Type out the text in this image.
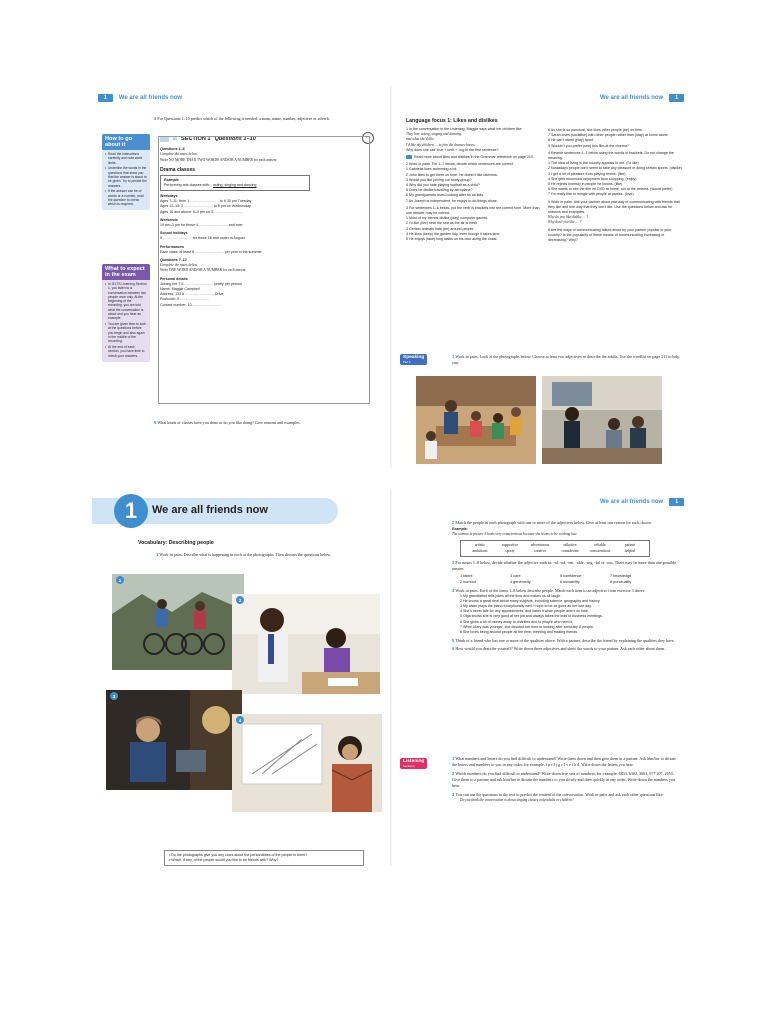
1	We are all friends now	We are all friends now	1
4 For Questions 1–10 predict which of the following is needed: a noun, name, number, adjective or adverb.
How to go about it
• Read the instructions carefully and note word limits.
• Underline the words in the questions that show you that the answer is about to be given. Try to predict the answers.
• If the answer can be of words or a number, read the question to check which is required.
What to expect in the exam
• In IELTS Listening Section 1, you listen to a conversation between two people once only. At the beginning of the recording, you are told what the conversation is about and you hear an example.
• You are given time to look at the questions before you begin and also again in the middle of the recording.
• At the end of each section, you have time to check your answers.
01 SECTION 1 Questions 1–10	◠
Questions 1–6
Complete the notes below.
Write NO MORE THAN TWO WORDS AND/OR A NUMBER for each answer.
Drama classes
Example
Performing arts classes with:
acting, singing and dancing
Weekdays
Ages 7–11: from 1 …………………… to 6.30 pm Tuesday
Ages 12–15: 2 …………………… to 6 pm on Wednesday
Ages 16 and above: 6–9 pm on 3 ……………………
Weekends
10 am–1 pm for those 4 …………………… and over
School holidays
5 …………………… for those 16 and under in August
Performances
Each class: at least 6 …………………… per year in the summer
Questions 7–10
Complete the notes below.
Write ONE WORD AND/OR A NUMBER for each answer.
Personal details
Joining fee 7 £ …………………… yearly per person
Name: Maggie Campbell
Address: 133 8 …………………… Drive
Postcode: 9 ……………………
Contact number: 10 ……………………
5 What kinds of classes have you done or do you like doing? Give reasons and examples.
Language focus 1: Likes and dislikes
1 In the conversation in the Listening, Maggie says what her children like:
They love acting, singing and dancing.
and what she'd like:
I'd like my children … to join the drama classes.
Why does she use love + verb + -ing in the first sentence?
Read more about likes and dislikes in the Grammar reference on page 210.
2 Work in pairs. For 1–7 below, decide which sentences are correct.
1 Gabriella likes swimming a lot.
2 John likes to get there on time. He doesn't like lateness.
3 Would you like joining our study group?
4 Why did you hate playing football as a child?
5 Does he dislike travelling by aeroplane?
6 My grandparents loved looking after us as kids.
7 As Joseph is independent, he enjoys to do things alone.
3 For sentences 1–6 below, put the verb in brackets into the correct form. More than one answer may be correct.
1 Most of my friends dislike (play) computer games.
2 I'd like (live) near the sea as the air is fresh.
3 Certain animals hate (be) around people.
4 He likes (keep) the garden tidy, even though it takes time.
5 He enjoys (take) long walks on his own along the coast.
6 As she is so punctual, she likes other people (be) on time.
7 Sarah loves (socialise) with other people rather than (stay) at home alone.
8 He can't stand (play) sport.
9 Wouldn't you prefer (see) this film at the cinema?
4 Rewrite sentences 1–7 below using the words in brackets. Do not change the meaning.
1 The idea of living in the country appeals to me. (I'd like)
2 Nowadays people don't seem to take any pleasure in doing certain sports. (dislike)
3 I get a lot of pleasure from playing tennis. (like)
4 She gets enormous enjoyment from shopping. (enjoy)
5 He rejects honesty in people he knows. (like)
6 She wants to see the film on DVD at home, not at the cinema. (would prefer)
7 I'm really fine to mingle with people at parties. (love)
5 Work in pairs. Ask your partner about one way of communicating with friends that they like and one way that they don't like. Use the questions below and ask for reasons and examples.
Why do you like/dislike … ?
Why don't you like … ?
6 Are the ways of communicating talked about by your partner popular in your country? Is the popularity of these means of communicating increasing or decreasing? Why?
Speaking
Part 2
1 Work in pairs. Look at the photographs below. Choose at least two adjectives to describe the adults. Use the wordlist on page 211 to help you.
1	We are all friends now
We are all friends now	1
Vocabulary: Describing people
1 Work in pairs. Describe what is happening in each of the photographs. Then discuss the questions below.
1
2
3
4
• Do the photographs give you any clues about the personalities of the people in them?
• Which, if any, of the people would you like to be friends with? Why?
2 Match the people in each photograph with one or more of the adjectives below. Give at least one reason for each choice.
Example:
The woman in picture 3 looks very conscientious because she seems to be working late.
artistic	supportive	adventurous	talkative	reliable	patient
ambitious	sporty	creative	considerate	conscientious	helpful
3 For nouns 1–8 below, decide whether the adjective ends in: -al, -ed, -ent, -able, -ing, -ful or -ous. There may be more than one possible answer.
1 talent	3 care	5 confidence	7 knowledge
2 humour	4 generosity	6 sociability	8 punctuality
4 Work in pairs. Each of the items 1–8 below describe people. Match each item to an adjective from exercise 3 above.
1 My grandfather tells jokes all the time and makes us all laugh.
2 He knows a great deal about many subjects, including science, geography and history.
3 My sister plays the piano exceptionally well. I hope to be as good as her one day.
4 She's never late for any appointments, and hates it when people aren't on time.
5 Olga knows she is very good at her job and always takes the lead in business meetings.
6 She gives a lot of money away to charities and to people who need it.
7 When Mary was younger, she devoted her time to looking after seriously ill people.
8 She loves being around people all the time, meeting and making friends.
5 Think of a friend who has one or more of the qualities above. With a partner, describe the friend by explaining the qualities they have.
6 How would you describe yourself? Write down three adjectives and show the words to your partner. Ask each other about them.
Listening
Section 1
1 What numbers and letters do you find difficult to understand? Write them down and then give them to a partner. Ask him/her to dictate the letters and numbers to you in any order, for example, f p r l j g c l v e i b d. Write down the letters you hear.
2 Which numbers do you find difficult to understand? Write down five sets of numbers, for example, 6833, 6302, 3663, 077 207, 2553. Give them to a partner and ask him/her to dictate the numbers to you slowly and then quickly in any order. Write down the numbers you hear.
3 You can use the questions in the text to predict the content of the conversation. Work in pairs and ask each other questions like:
Do you think the conversation is about singing classes only/adults or children?
